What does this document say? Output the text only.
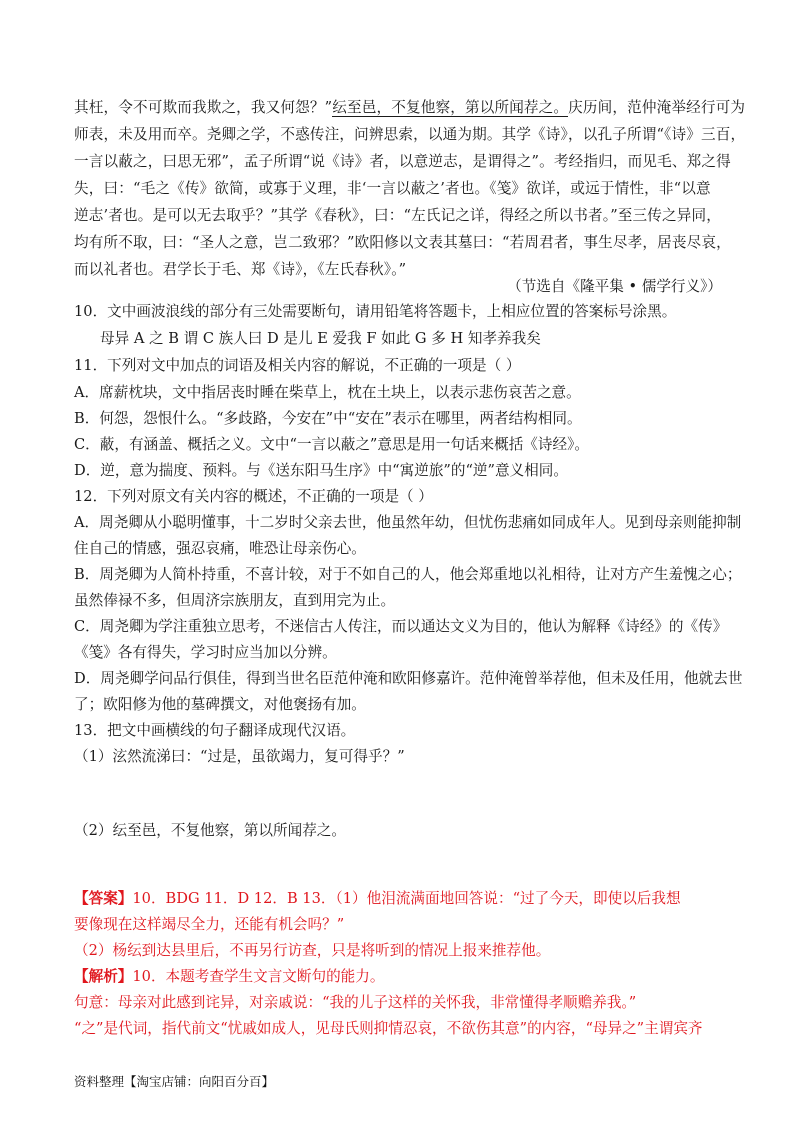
其枉，令不可欺而我欺之，我又何怨？”纭至邑，不复他察，第以所闻荐之。庆历间，范仲淹举经行可为
师表，未及用而卒。尧卿之学，不惑传注，问辨思索，以通为期。其学《诗》，以孔子所谓“《诗》三百，
一言以蔽之，曰思无邪”，孟子所谓“说《诗》者，以意逆志，是谓得之”。考经指归，而见毛、郑之得
失，曰：“毛之《传》欲简，或寡于义理，非‘一言以蔽之’者也。《笺》欲详，或远于情性，非“以意
逆志’者也。是可以无去取乎？”其学《春秋》，曰：“左氏记之详，得经之所以书者。”至三传之异同，
均有所不取，曰：“圣人之意，岂二致邪？”欧阳修以文表其墓曰：“若周君者，事生尽孝，居丧尽哀，
而以礼者也。君学长于毛、郑《诗》，《左氏春秋》。”
（节选自《隆平集 • 儒学行义》）
10．文中画波浪线的部分有三处需要断句，请用铅笔将答题卡，上相应位置的答案标号涂黑。
母异 A 之 B 谓 C 族人曰 D 是儿 E 爱我 F 如此 G 多 H 知孝养我矣
11．下列对文中加点的词语及相关内容的解说，不正确的一项是（ ）
A．席薪枕块，文中指居丧时睡在柴草上，枕在土块上，以表示悲伤哀苦之意。
B．何怨，怨恨什么。“多歧路，今安在”中“安在”表示在哪里，两者结构相同。
C．蔽，有涵盖、概括之义。文中“一言以蔽之”意思是用一句话来概括《诗经》。
D．逆，意为揣度、预料。与《送东阳马生序》中“寓逆旅”的“逆”意义相同。
12．下列对原文有关内容的概述，不正确的一项是（ ）
A．周尧卿从小聪明懂事，十二岁时父亲去世，他虽然年幼，但忧伤悲痛如同成年人。见到母亲则能抑制
住自己的情感，强忍哀痛，唯恐让母亲伤心。
B．周尧卿为人简朴持重，不喜计较，对于不如自己的人，他会郑重地以礼相待，让对方产生羞愧之心；
虽然俸禄不多，但周济宗族朋友，直到用完为止。
C．周尧卿为学注重独立思考，不迷信古人传注，而以通达文义为目的，他认为解释《诗经》的《传》
《笺》各有得失，学习时应当加以分辨。
D．周尧卿学问品行俱佳，得到当世名臣范仲淹和欧阳修嘉许。范仲淹曾举荐他，但未及任用，他就去世
了；欧阳修为他的墓碑撰文，对他褒扬有加。
13．把文中画横线的句子翻译成现代汉语。
（1）泫然流涕曰：“过是，虽欲竭力，复可得乎？”
（2）纭至邑，不复他察，第以所闻荐之。
【答案】10．BDG 11．D 12．B 13．（1）他泪流满面地回答说：“过了今天，即使以后我想
要像现在这样竭尽全力，还能有机会吗？”
（2）杨纭到达县里后，不再另行访查，只是将听到的情况上报来推荐他。
【解析】10．本题考查学生文言文断句的能力。
句意：母亲对此感到诧异，对亲戚说：“我的儿子这样的关怀我，非常懂得孝顺赡养我。”
“之”是代词，指代前文“忧戚如成人，见母氏则抑情忍哀，不欲伤其意”的内容，“母异之”主谓宾齐
资料整理【淘宝店铺：向阳百分百】
